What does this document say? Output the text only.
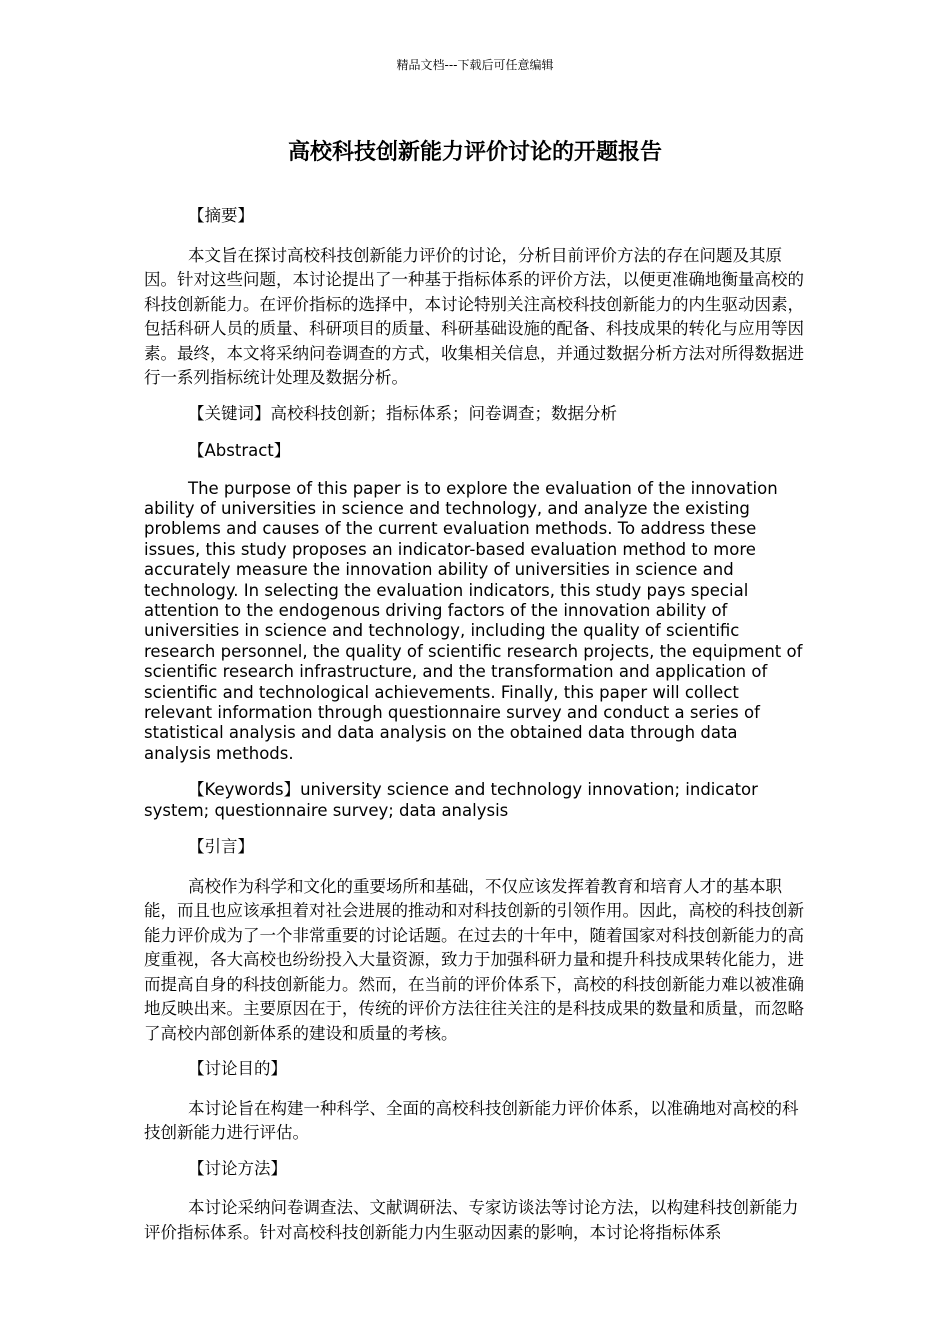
精品文档---下载后可任意编辑
高校科技创新能力评价讨论的开题报告

【摘要】

本文旨在探讨高校科技创新能力评价的讨论，分析目前评价方法的存在问题及其原因。针对这些问题，本讨论提出了一种基于指标体系的评价方法，以便更准确地衡量高校的科技创新能力。在评价指标的选择中，本讨论特别关注高校科技创新能力的内生驱动因素，包括科研人员的质量、科研项目的质量、科研基础设施的配备、科技成果的转化与应用等因素。最终，本文将采纳问卷调查的方式，收集相关信息，并通过数据分析方法对所得数据进行一系列指标统计处理及数据分析。

【关键词】高校科技创新；指标体系；问卷调查；数据分析

【Abstract】

The purpose of this paper is to explore the evaluation of the innovation ability of universities in science and technology, and analyze the existing problems and causes of the current evaluation methods. To address these issues, this study proposes an indicator-based evaluation method to more accurately measure the innovation ability of universities in science and technology. In selecting the evaluation indicators, this study pays special attention to the endogenous driving factors of the innovation ability of universities in science and technology, including the quality of scientific research personnel, the quality of scientific research projects, the equipment of scientific research infrastructure, and the transformation and application of scientific and technological achievements. Finally, this paper will collect relevant information through questionnaire survey and conduct a series of statistical analysis and data analysis on the obtained data through data analysis methods.

【Keywords】university science and technology innovation; indicator system; questionnaire survey; data analysis

【引言】

高校作为科学和文化的重要场所和基础，不仅应该发挥着教育和培育人才的基本职能，而且也应该承担着对社会进展的推动和对科技创新的引领作用。因此，高校的科技创新能力评价成为了一个非常重要的讨论话题。在过去的十年中，随着国家对科技创新能力的高度重视，各大高校也纷纷投入大量资源，致力于加强科研力量和提升科技成果转化能力，进而提高自身的科技创新能力。然而，在当前的评价体系下，高校的科技创新能力难以被准确地反映出来。主要原因在于，传统的评价方法往往关注的是科技成果的数量和质量，而忽略了高校内部创新体系的建设和质量的考核。

【讨论目的】

本讨论旨在构建一种科学、全面的高校科技创新能力评价体系，以准确地对高校的科技创新能力进行评估。

【讨论方法】

本讨论采纳问卷调查法、文献调研法、专家访谈法等讨论方法，以构建科技创新能力评价指标体系。针对高校科技创新能力内生驱动因素的影响，本讨论将指标体系
